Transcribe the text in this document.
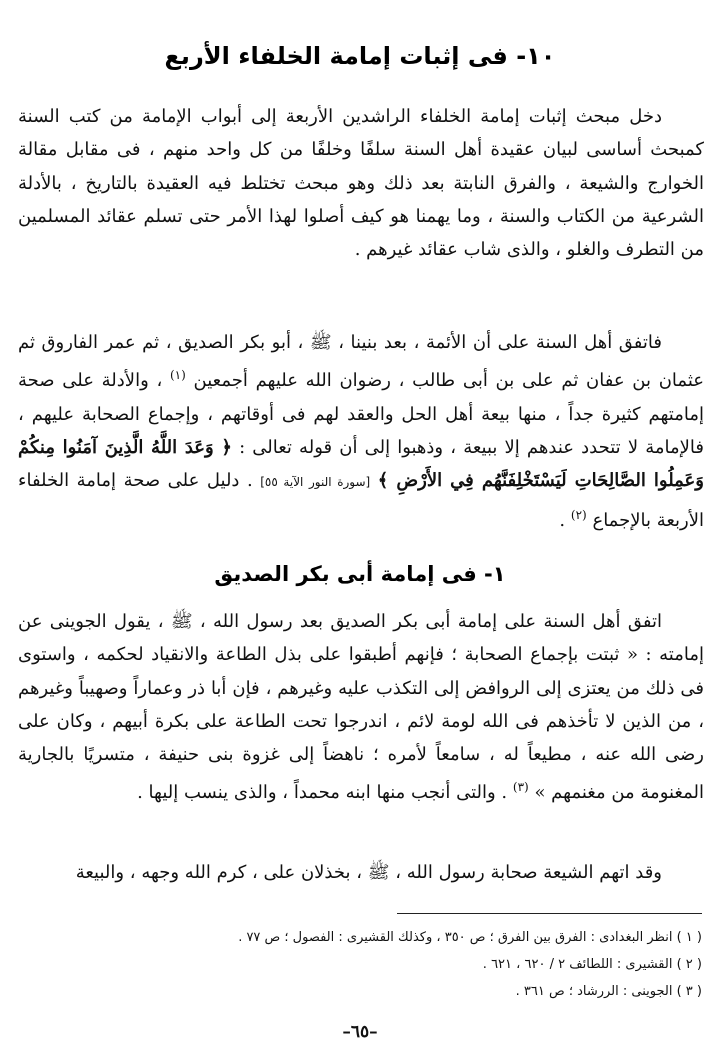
١٠- فى إثبات إمامة الخلفاء الأربع

دخل مبحث إثبات إمامة الخلفاء الراشدين الأربعة إلى أبواب الإمامة من كتب السنة كمبحث أساسى لبيان عقيدة أهل السنة سلفًا وخلفًا من كل واحد منهم ، فى مقابل مقالة الخوارج والشيعة ، والفرق النابتة بعد ذلك وهو مبحث تختلط فيه العقيدة بالتاريخ ، بالأدلة الشرعية من الكتاب والسنة ، وما يهمنا هو كيف أصلوا لهذا الأمر حتى تسلم عقائد المسلمين من التطرف والغلو ، والذى شاب عقائد غيرهم .

فاتفق أهل السنة على أن الأئمة ، بعد بنينا ، ﷺ ، أبو بكر الصديق ، ثم عمر الفاروق ثم عثمان بن عفان ثم على بن أبى طالب ، رضوان الله عليهم أجمعين $^{(١)}$ ، والأدلة على صحة إمامتهم كثيرة جداً ، منها بيعة أهل الحل والعقد لهم فى أوقاتهم ، وإجماع الصحابة عليهم ، فالإمامة لا تتحدد عندهم إلا ببيعة ، وذهبوا إلى أن قوله تعالى : ﴿ وَعَدَ اللَّهُ الَّذِينَ آمَنُوا مِنكُمْ وَعَمِلُوا الصَّالِحَاتِ لَيَسْتَخْلِفَنَّهُم فِي الأَرْضِ ﴾ [سورة النور الآية ٥٥] . دليل على صحة إمامة الخلفاء الأربعة بالإجماع $^{(٢)}$ .

١- فى إمامة أبى بكر الصديق

اتفق أهل السنة على إمامة أبى بكر الصديق بعد رسول الله ، ﷺ ، يقول الجوينى عن إمامته : « ثبتت بإجماع الصحابة ؛ فإنهم أطبقوا على بذل الطاعة والانقياد لحكمه ، واستوى فى ذلك من يعتزى إلى الروافض إلى التكذب عليه وغيرهم ، فإن أبا ذر وعماراً وصهيباً وغيرهم ، من الذين لا تأخذهم فى الله لومة لائم ، اندرجوا تحت الطاعة على بكرة أبيهم ، وكان على رضى الله عنه ، مطيعاً له ، سامعاً لأمره ؛ ناهضاً إلى غزوة بنى حنيفة ، متسريًا بالجارية المغنومة من مغنمهم » $^{(٣)}$ . والتى أنجب منها ابنه محمداً ، والذى ينسب إليها .

وقد اتهم الشيعة صحابة رسول الله ، ﷺ ، بخذلان على ، كرم الله وجهه ، والبيعة

( ١ ) انظر البغدادى : الفرق بين الفرق ؛ ص ٣٥٠ ، وكذلك القشيرى : الفصول ؛ ص ٧٧ .
( ٢ ) القشيرى : اللطائف ٢ / ٦٢٠ ، ٦٢١ .
( ٣ ) الجوينى : الررشاد ؛ ص ٣٦١ .
–٦٥–
